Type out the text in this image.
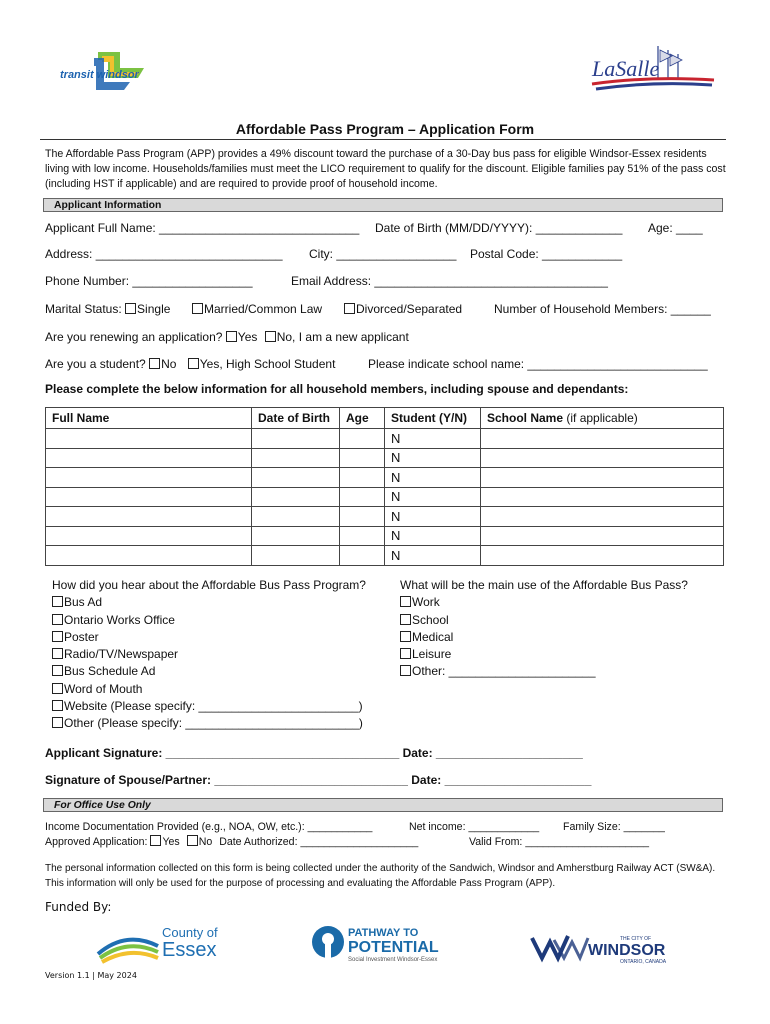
transit windsor	LaSalle
Affordable Pass Program – Application Form
The Affordable Pass Program (APP) provides a 49% discount toward the purchase of a 30-Day bus pass for eligible Windsor-Essex residents living with low income. Households/families must meet the LICO requirement to qualify for the discount. Eligible families pay 51% of the pass cost (including HST if applicable) and are required to provide proof of household income.
Applicant Information
Applicant Full Name: ______________________________ Date of Birth (MM/DD/YYYY): _____________ Age: ____
Address: ____________________________ City: __________________ Postal Code: ____________
Phone Number: __________________	Email Address: ___________________________________
Marital Status: Single	Married/Common Law	Divorced/Separated	Number of Household Members: ______
Are you renewing an application? Yes No, I am a new applicant
Are you a student? No Yes, High School Student	Please indicate school name: ___________________________
Please complete the below information for all household members, including spouse and dependants:
Full Name	Date of Birth	Age	Student (Y/N)	School Name (if applicable)
			N	
			N	
			N	
			N	
			N	
			N	
			N	
How did you hear about the Affordable Bus Pass Program?
Bus Ad
Ontario Works Office
Poster
Radio/TV/Newspaper
Bus Schedule Ad
Word of Mouth
Website (Please specify: ________________________)
Other (Please specify: __________________________)
What will be the main use of the Affordable Bus Pass?
Work
School
Medical
Leisure
Other: ______________________
Applicant Signature: ___________________________________ Date: ______________________
Signature of Spouse/Partner: _____________________________ Date: ______________________
For Office Use Only
Income Documentation Provided (e.g., NOA, OW, etc.): ___________	Net income: ____________ Family Size: _______
Approved Application: Yes No Date Authorized: ____________________	Valid From: _____________________
The personal information collected on this form is being collected under the authority of the Sandwich, Windsor and Amherstburg Railway ACT (SW&A). This information will only be used for the purpose of processing and evaluating the Affordable Pass Program (APP).
Funded By:
County of
Essex
PATHWAY TO
POTENTIAL
Social Investment Windsor-Essex
THE CITY OF
WINDSOR
ONTARIO, CANADA
Version 1.1 | May 2024
